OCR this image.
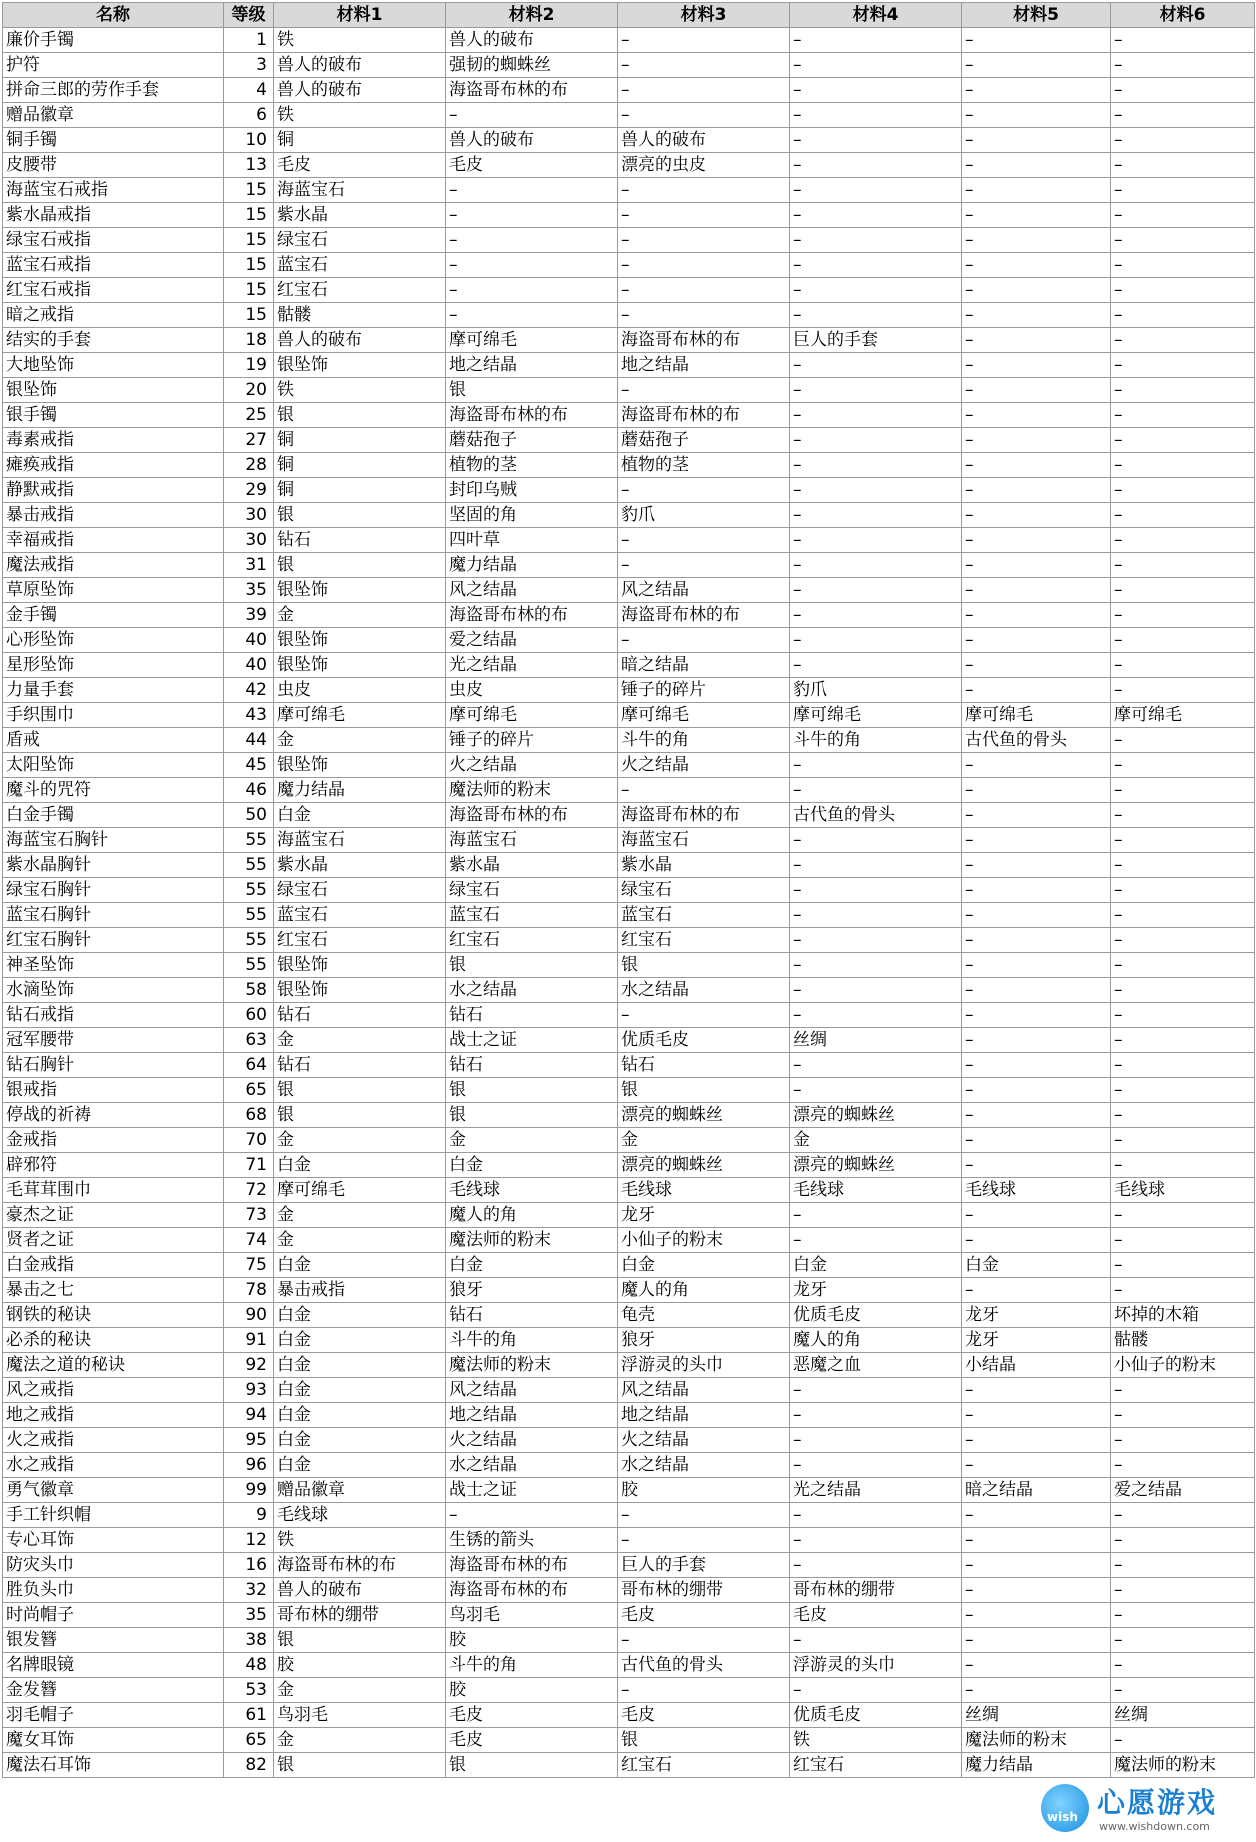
名称	等级	材料1	材料2	材料3	材料4	材料5	材料6
廉价手镯	1	铁	兽人的破布	–	–	–	–
护符	3	兽人的破布	强韧的蜘蛛丝	–	–	–	–
拼命三郎的劳作手套	4	兽人的破布	海盗哥布林的布	–	–	–	–
赠品徽章	6	铁	–	–	–	–	–
铜手镯	10	铜	兽人的破布	兽人的破布	–	–	–
皮腰带	13	毛皮	毛皮	漂亮的虫皮	–	–	–
海蓝宝石戒指	15	海蓝宝石	–	–	–	–	–
紫水晶戒指	15	紫水晶	–	–	–	–	–
绿宝石戒指	15	绿宝石	–	–	–	–	–
蓝宝石戒指	15	蓝宝石	–	–	–	–	–
红宝石戒指	15	红宝石	–	–	–	–	–
暗之戒指	15	骷髅	–	–	–	–	–
结实的手套	18	兽人的破布	摩可绵毛	海盗哥布林的布	巨人的手套	–	–
大地坠饰	19	银坠饰	地之结晶	地之结晶	–	–	–
银坠饰	20	铁	银	–	–	–	–
银手镯	25	银	海盗哥布林的布	海盗哥布林的布	–	–	–
毒素戒指	27	铜	蘑菇孢子	蘑菇孢子	–	–	–
瘫痪戒指	28	铜	植物的茎	植物的茎	–	–	–
静默戒指	29	铜	封印乌贼	–	–	–	–
暴击戒指	30	银	坚固的角	豹爪	–	–	–
幸福戒指	30	钻石	四叶草	–	–	–	–
魔法戒指	31	银	魔力结晶	–	–	–	–
草原坠饰	35	银坠饰	风之结晶	风之结晶	–	–	–
金手镯	39	金	海盗哥布林的布	海盗哥布林的布	–	–	–
心形坠饰	40	银坠饰	爱之结晶	–	–	–	–
星形坠饰	40	银坠饰	光之结晶	暗之结晶	–	–	–
力量手套	42	虫皮	虫皮	锤子的碎片	豹爪	–	–
手织围巾	43	摩可绵毛	摩可绵毛	摩可绵毛	摩可绵毛	摩可绵毛	摩可绵毛
盾戒	44	金	锤子的碎片	斗牛的角	斗牛的角	古代鱼的骨头	–
太阳坠饰	45	银坠饰	火之结晶	火之结晶	–	–	–
魔斗的咒符	46	魔力结晶	魔法师的粉末	–	–	–	–
白金手镯	50	白金	海盗哥布林的布	海盗哥布林的布	古代鱼的骨头	–	–
海蓝宝石胸针	55	海蓝宝石	海蓝宝石	海蓝宝石	–	–	–
紫水晶胸针	55	紫水晶	紫水晶	紫水晶	–	–	–
绿宝石胸针	55	绿宝石	绿宝石	绿宝石	–	–	–
蓝宝石胸针	55	蓝宝石	蓝宝石	蓝宝石	–	–	–
红宝石胸针	55	红宝石	红宝石	红宝石	–	–	–
神圣坠饰	55	银坠饰	银	银	–	–	–
水滴坠饰	58	银坠饰	水之结晶	水之结晶	–	–	–
钻石戒指	60	钻石	钻石	–	–	–	–
冠军腰带	63	金	战士之证	优质毛皮	丝绸	–	–
钻石胸针	64	钻石	钻石	钻石	–	–	–
银戒指	65	银	银	银	–	–	–
停战的祈祷	68	银	银	漂亮的蜘蛛丝	漂亮的蜘蛛丝	–	–
金戒指	70	金	金	金	金	–	–
辟邪符	71	白金	白金	漂亮的蜘蛛丝	漂亮的蜘蛛丝	–	–
毛茸茸围巾	72	摩可绵毛	毛线球	毛线球	毛线球	毛线球	毛线球
豪杰之证	73	金	魔人的角	龙牙	–	–	–
贤者之证	74	金	魔法师的粉末	小仙子的粉末	–	–	–
白金戒指	75	白金	白金	白金	白金	白金	–
暴击之七	78	暴击戒指	狼牙	魔人的角	龙牙	–	–
钢铁的秘诀	90	白金	钻石	龟壳	优质毛皮	龙牙	坏掉的木箱
必杀的秘诀	91	白金	斗牛的角	狼牙	魔人的角	龙牙	骷髅
魔法之道的秘诀	92	白金	魔法师的粉末	浮游灵的头巾	恶魔之血	小结晶	小仙子的粉末
风之戒指	93	白金	风之结晶	风之结晶	–	–	–
地之戒指	94	白金	地之结晶	地之结晶	–	–	–
火之戒指	95	白金	火之结晶	火之结晶	–	–	–
水之戒指	96	白金	水之结晶	水之结晶	–	–	–
勇气徽章	99	赠品徽章	战士之证	胶	光之结晶	暗之结晶	爱之结晶
手工针织帽	9	毛线球	–	–	–	–	–
专心耳饰	12	铁	生锈的箭头	–	–	–	–
防灾头巾	16	海盗哥布林的布	海盗哥布林的布	巨人的手套	–	–	–
胜负头巾	32	兽人的破布	海盗哥布林的布	哥布林的绷带	哥布林的绷带	–	–
时尚帽子	35	哥布林的绷带	鸟羽毛	毛皮	毛皮	–	–
银发簪	38	银	胶	–	–	–	–
名牌眼镜	48	胶	斗牛的角	古代鱼的骨头	浮游灵的头巾	–	–
金发簪	53	金	胶	–	–	–	–
羽毛帽子	61	鸟羽毛	毛皮	毛皮	优质毛皮	丝绸	丝绸
魔女耳饰	65	金	毛皮	银	铁	魔法师的粉末	–
魔法石耳饰	82	银	银	红宝石	红宝石	魔力结晶	魔法师的粉末
wish 心愿游戏
www.wishdown.com
